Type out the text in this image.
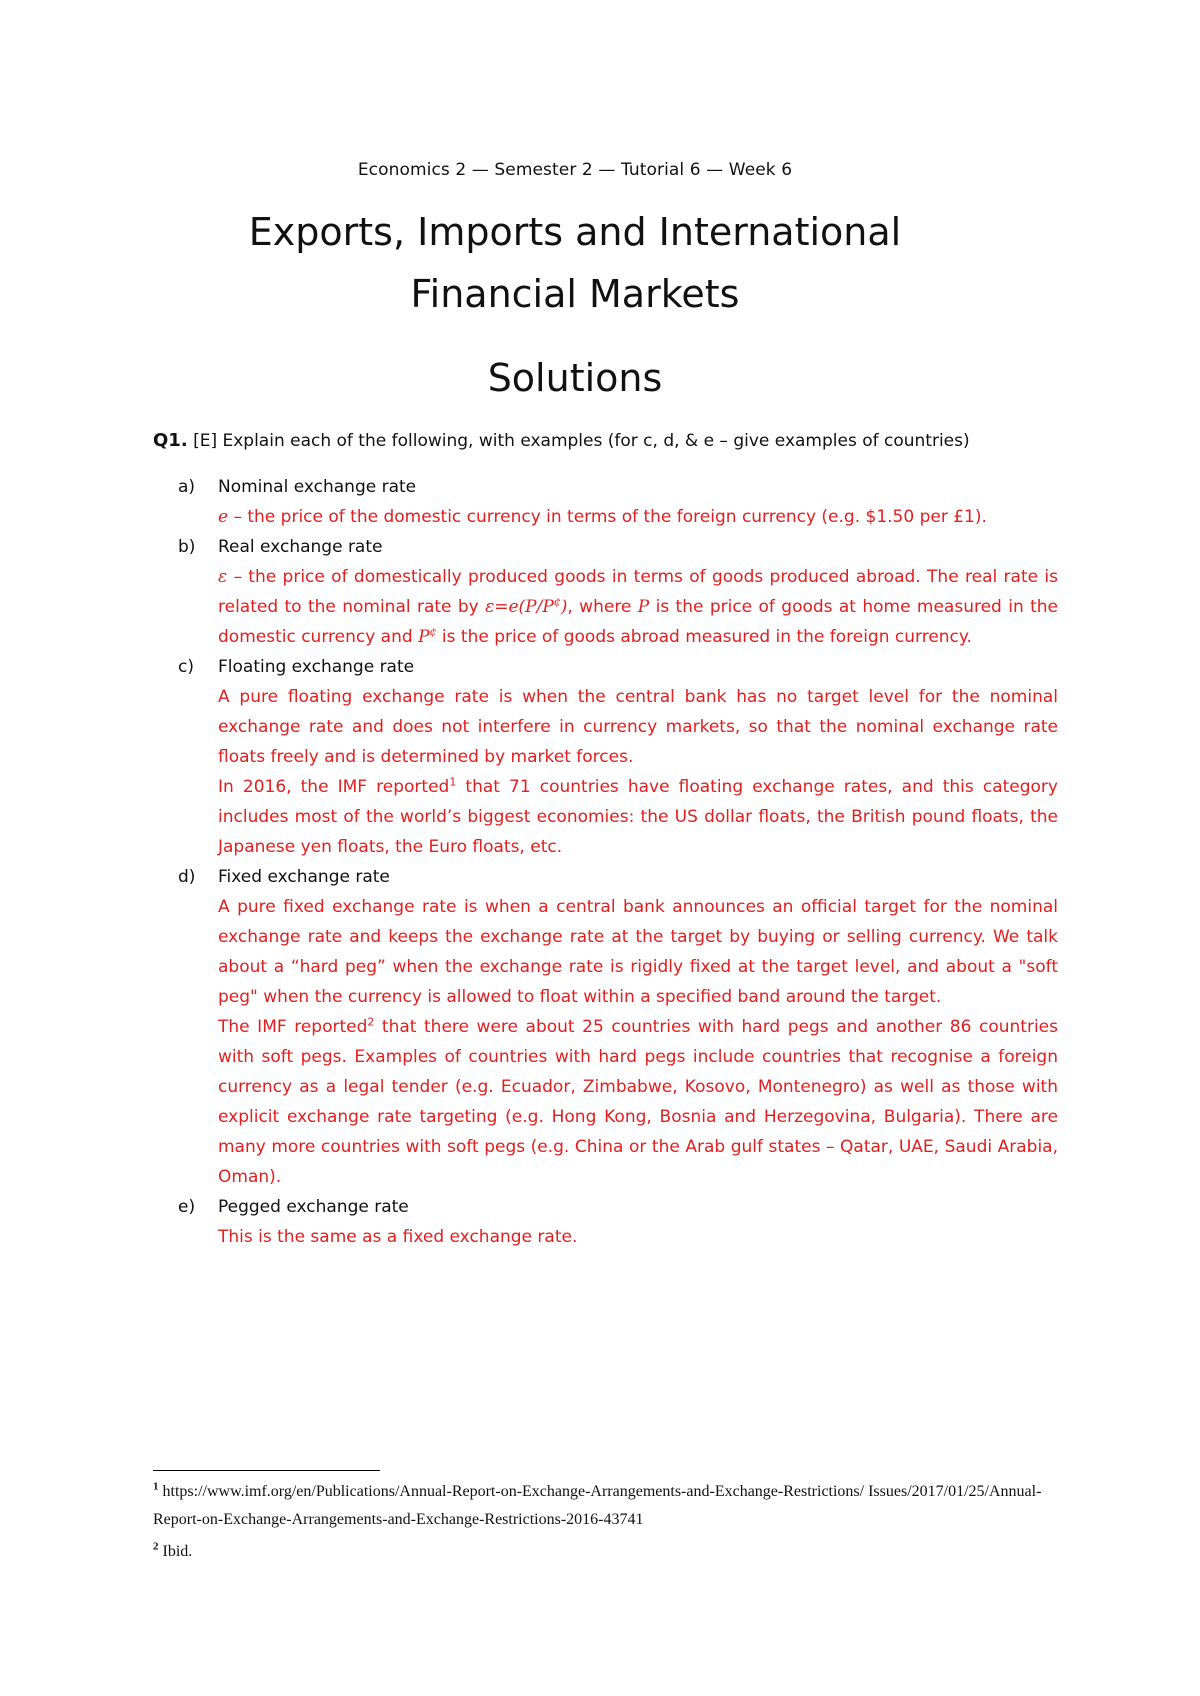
Economics 2 — Semester 2 — Tutorial 6 — Week 6
Exports, Imports and International
Financial Markets
Solutions
Q1. [E] Explain each of the following, with examples (for c, d, & e – give examples of countries)
a) Nominal exchange rate
e – the price of the domestic currency in terms of the foreign currency (e.g. $1.50 per £1).
b) Real exchange rate
ε – the price of domestically produced goods in terms of goods produced abroad. The real rate is related to the nominal rate by ε=e(P/P¢), where P is the price of goods at home measured in the domestic currency and P¢ is the price of goods abroad measured in the foreign currency.
c) Floating exchange rate
A pure floating exchange rate is when the central bank has no target level for the nominal exchange rate and does not interfere in currency markets, so that the nominal exchange rate floats freely and is determined by market forces.
In 2016, the IMF reported$^1$ that 71 countries have floating exchange rates, and this category includes most of the world’s biggest economies: the US dollar floats, the British pound floats, the Japanese yen floats, the Euro floats, etc.
d) Fixed exchange rate
A pure fixed exchange rate is when a central bank announces an official target for the nominal exchange rate and keeps the exchange rate at the target by buying or selling currency. We talk about a “hard peg” when the exchange rate is rigidly fixed at the target level, and about a "soft peg" when the currency is allowed to float within a specified band around the target.
The IMF reported$^2$ that there were about 25 countries with hard pegs and another 86 countries with soft pegs. Examples of countries with hard pegs include countries that recognise a foreign currency as a legal tender (e.g. Ecuador, Zimbabwe, Kosovo, Montenegro) as well as those with explicit exchange rate targeting (e.g. Hong Kong, Bosnia and Herzegovina, Bulgaria). There are many more countries with soft pegs (e.g. China or the Arab gulf states – Qatar, UAE, Saudi Arabia, Oman).
e) Pegged exchange rate
This is the same as a fixed exchange rate.
$^1$ https://www.imf.org/en/Publications/Annual-Report-on-Exchange-Arrangements-and-Exchange-Restrictions/ Issues/2017/01/25/Annual-Report-on-Exchange-Arrangements-and-Exchange-Restrictions-2016-43741
$^2$ Ibid.
